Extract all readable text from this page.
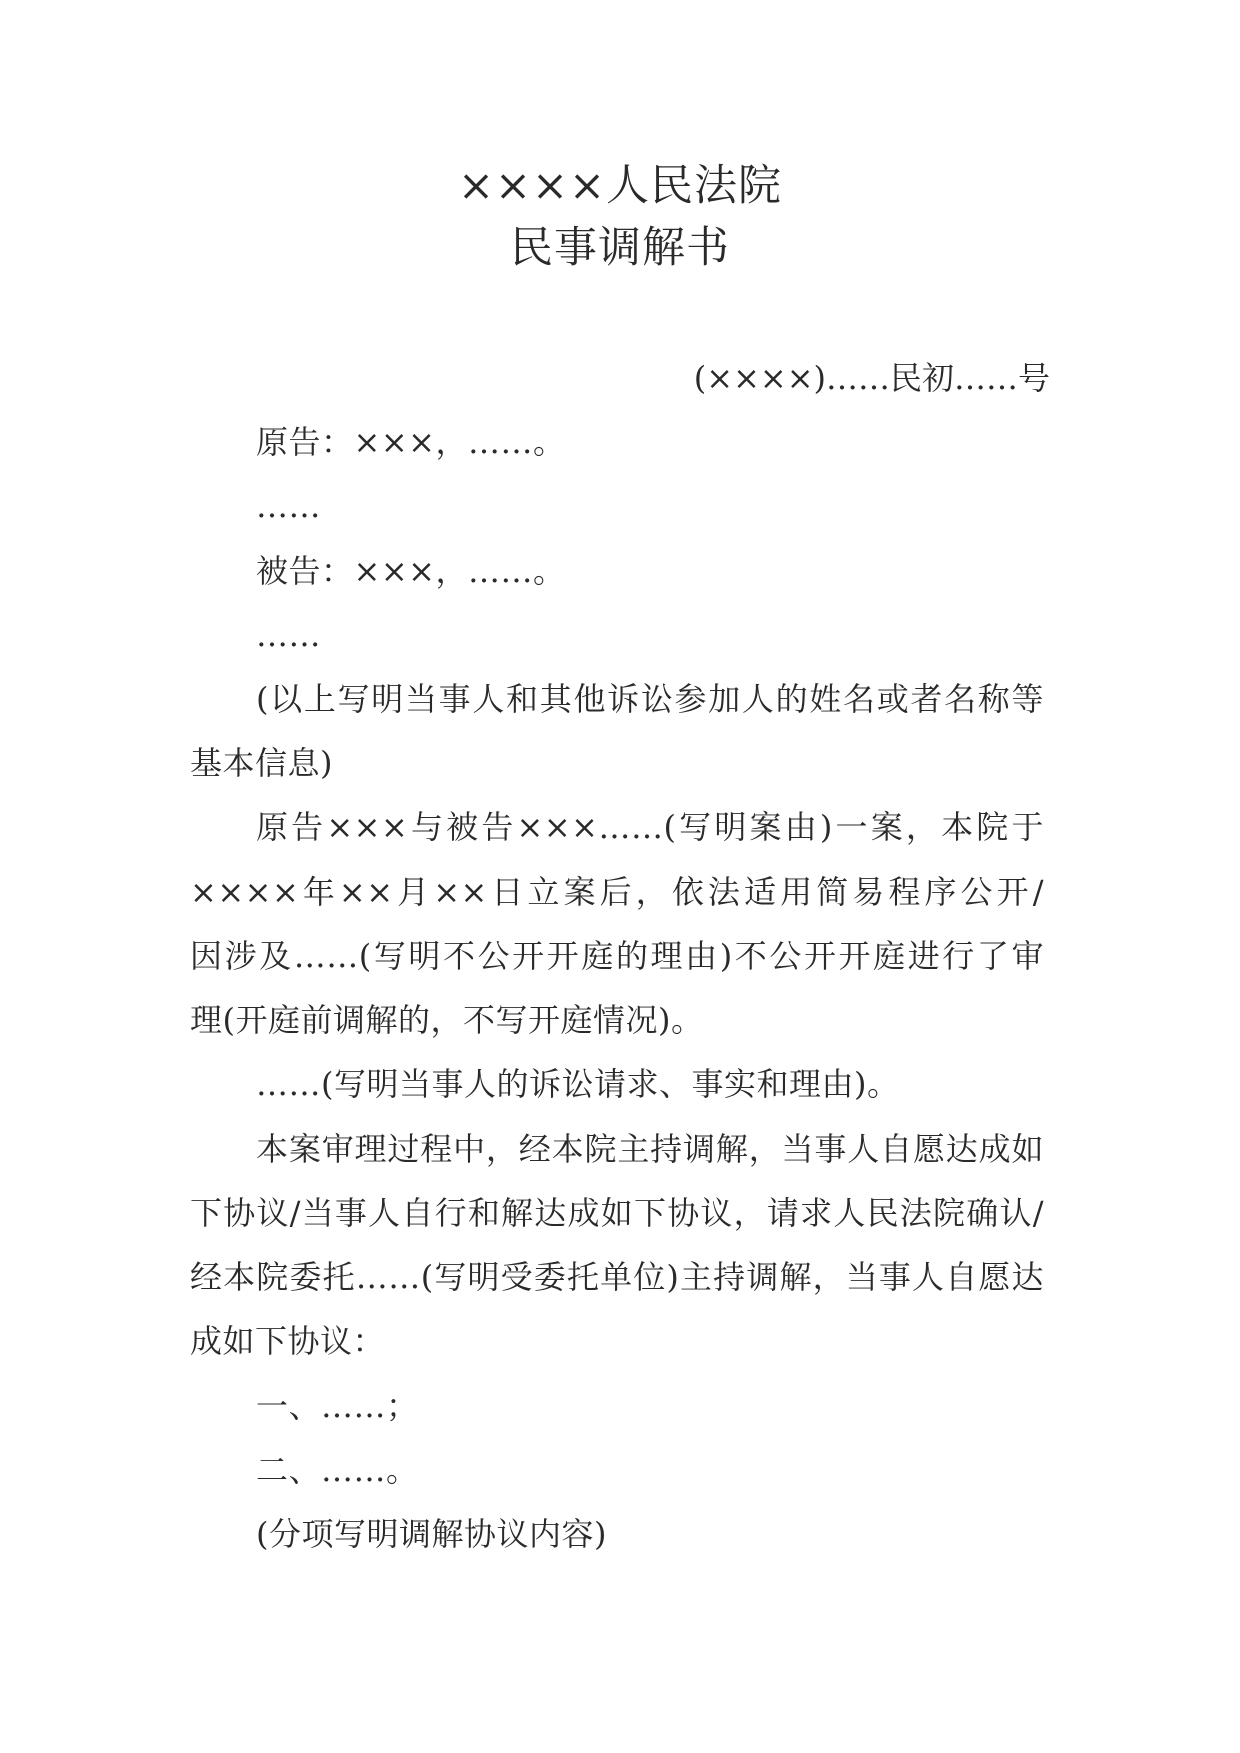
××××人民法院
民事调解书
(××××)……民初……号
原告：×××，……。
……
被告：×××，……。
……
(以上写明当事人和其他诉讼参加人的姓名或者名称等
基本信息)
原告×××与被告×××……(写明案由)一案，本院于
××××年××月××日立案后，依法适用简易程序公开/
因涉及……(写明不公开开庭的理由)不公开开庭进行了审
理(开庭前调解的，不写开庭情况)。
……(写明当事人的诉讼请求、事实和理由)。
本案审理过程中，经本院主持调解，当事人自愿达成如
下协议/当事人自行和解达成如下协议，请求人民法院确认/
经本院委托……(写明受委托单位)主持调解，当事人自愿达
成如下协议：
一、……；
二、……。
(分项写明调解协议内容)
